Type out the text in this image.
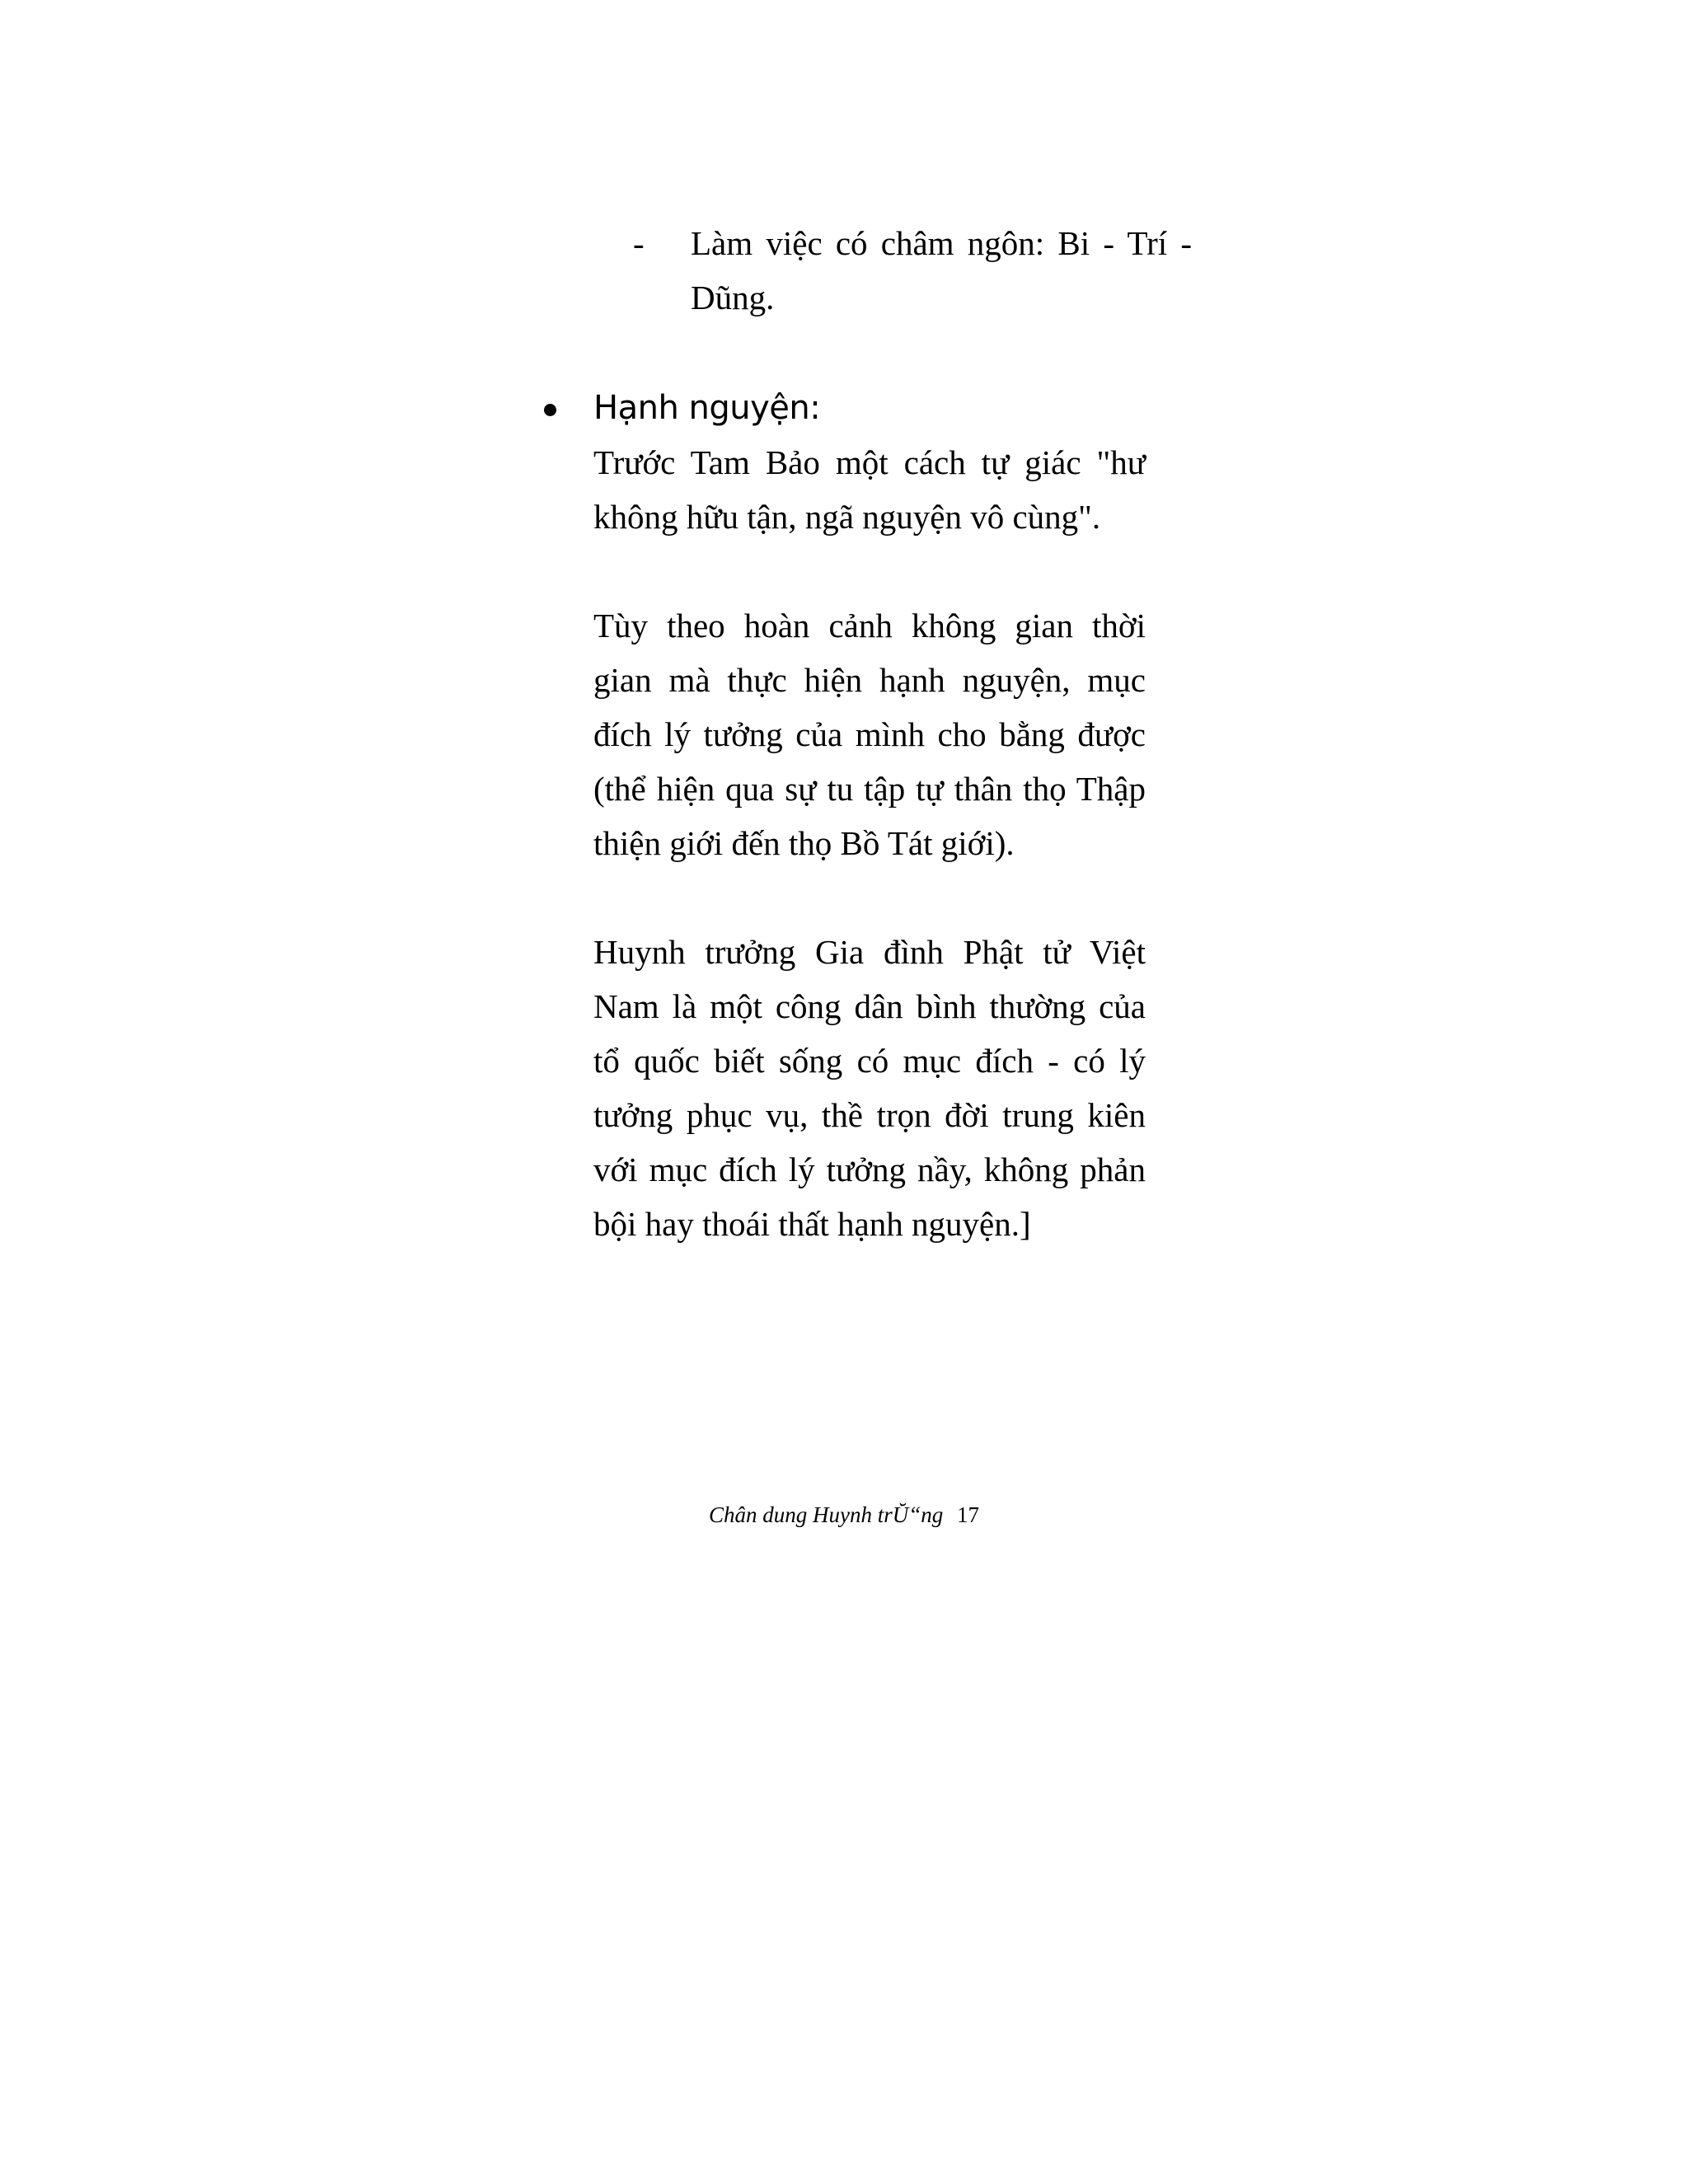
- Làm việc có châm ngôn: Bi - Trí - Dũng.
Hạnh nguyện:

Trước Tam Bảo một cách tự giác "hư không hữu tận, ngã nguyện vô cùng".

Tùy theo hoàn cảnh không gian thời gian mà thực hiện hạnh nguyện, mục đích lý tưởng của mình cho bằng được (thể hiện qua sự tu tập tự thân thọ Thập thiện giới đến thọ Bồ Tát giới).

Huynh trưởng Gia đình Phật tử Việt Nam là một công dân bình thường của tổ quốc biết sống có mục đích - có lý tưởng phục vụ, thề trọn đời trung kiên với mục đích lý tưởng nầy, không phản bội hay thoái thất hạnh nguyện.]

Chân dung Huynh trŬ“ng 17
